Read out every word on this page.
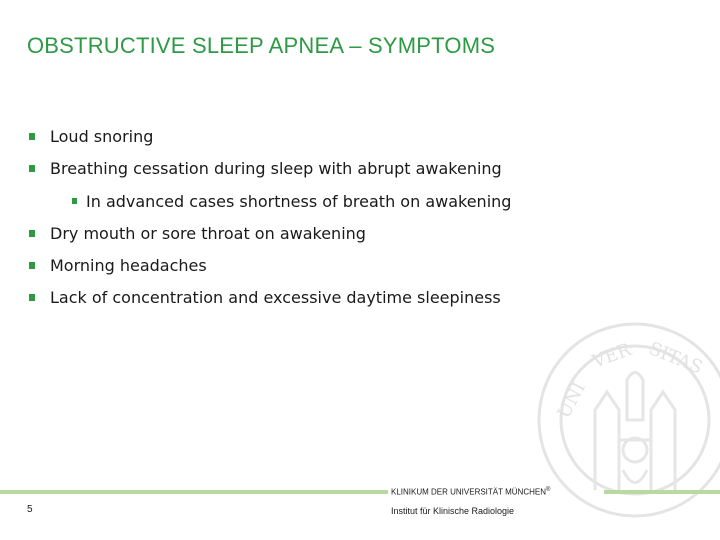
OBSTRUCTIVE SLEEP APNEA – SYMPTOMS
Loud snoring
Breathing cessation during sleep with abrupt awakening
In advanced cases shortness of breath on awakening
Dry mouth or sore throat on awakening
Morning headaches
Lack of concentration and excessive daytime sleepiness
UNI
VER SITAS
KLINIKUM DER UNIVERSITÄT MÜNCHEN®
Institut für Klinische Radiologie
5
